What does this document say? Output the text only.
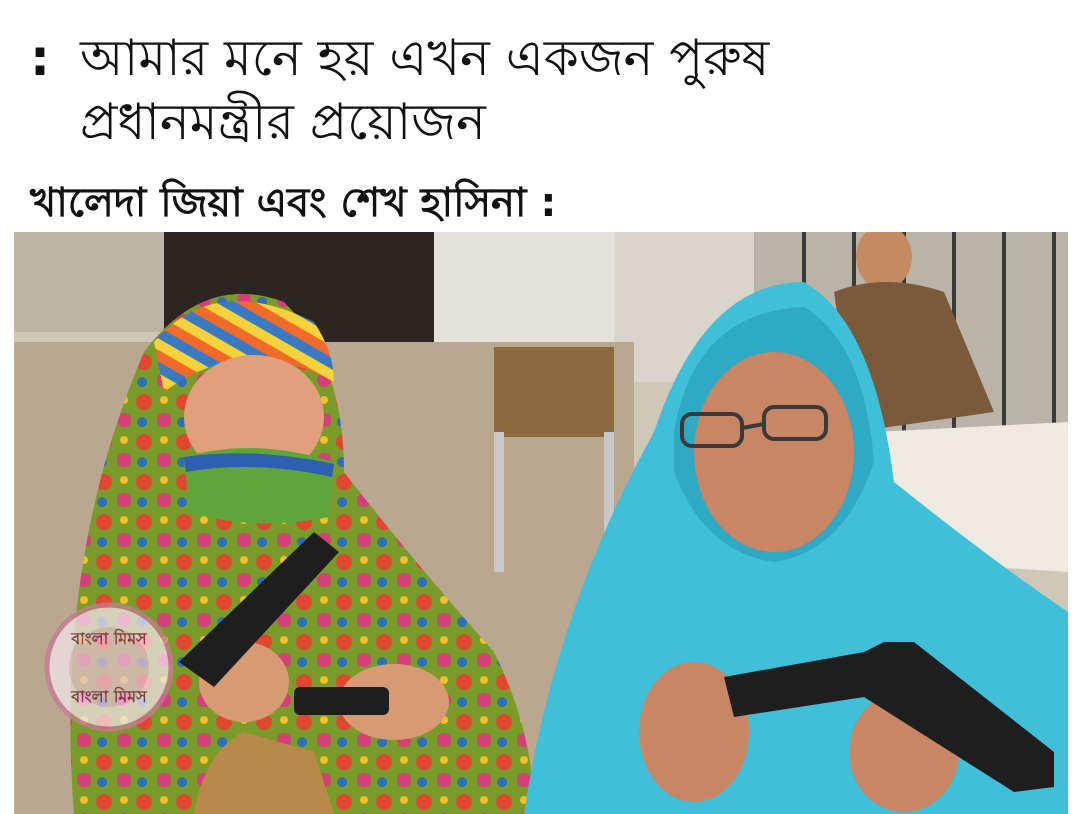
: আমার মনে হয় এখন একজন পুরুষ
প্রধানমন্ত্রীর প্রয়োজন
খালেদা জিয়া এবং শেখ হাসিনা :
বাংলা মিমস
বাংলা মিমস
